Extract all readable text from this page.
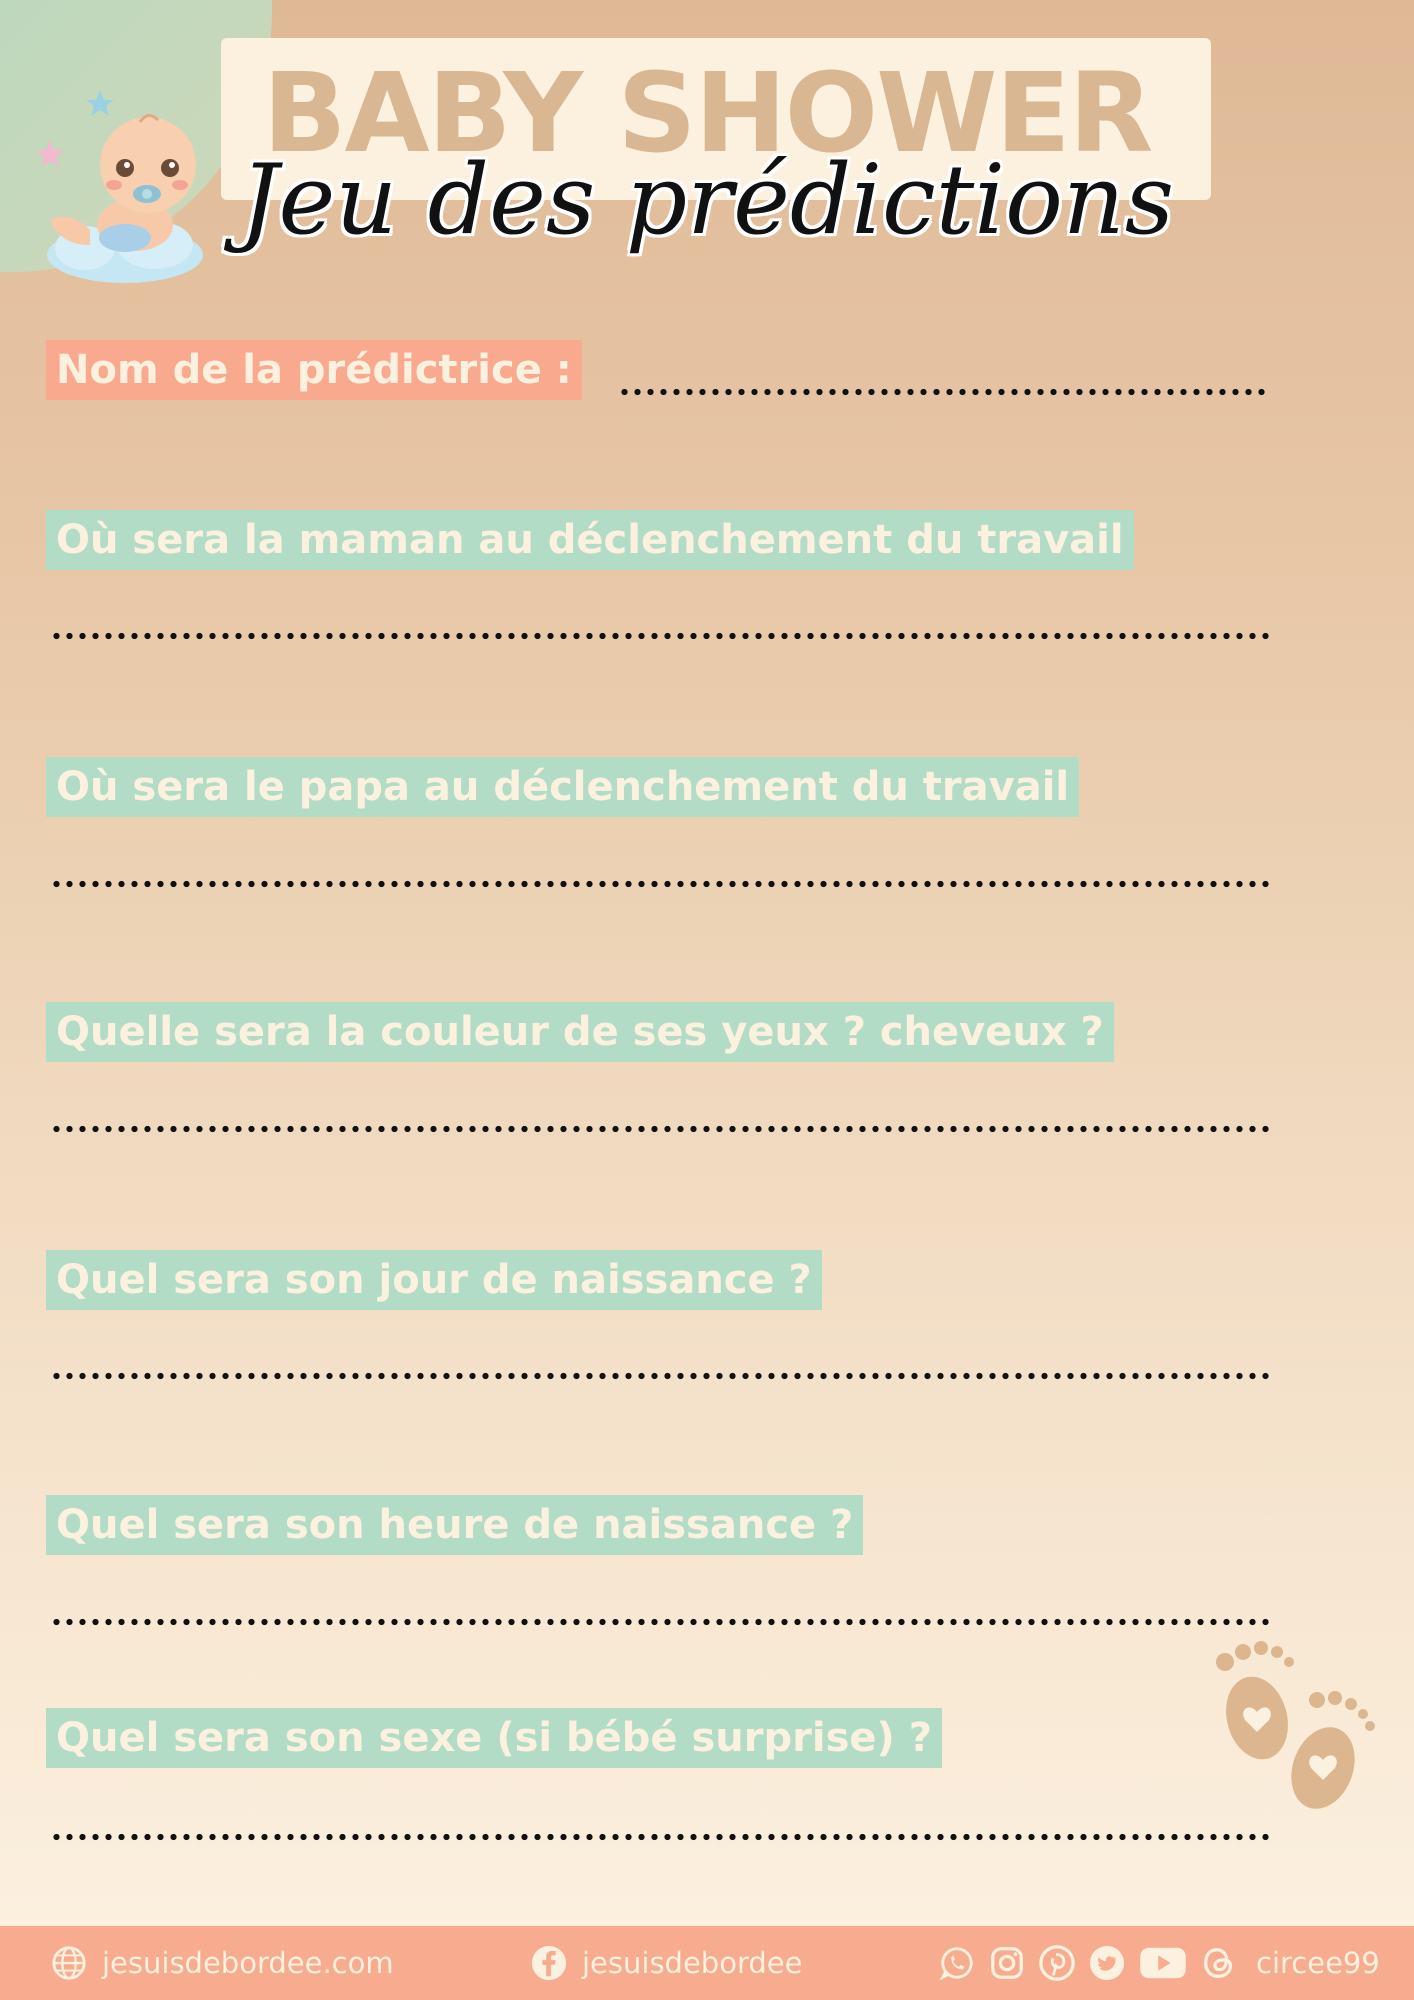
BABY SHOWER
Jeu des prédictions
Nom de la prédictrice :
Où sera la maman au déclenchement du travail
Où sera le papa au déclenchement du travail
Quelle sera la couleur de ses yeux ? cheveux ?
Quel sera son jour de naissance ?
Quel sera son heure de naissance ?
Quel sera son sexe (si bébé surprise) ?
jesuisdebordee.com	jesuisdebordee	circee99
